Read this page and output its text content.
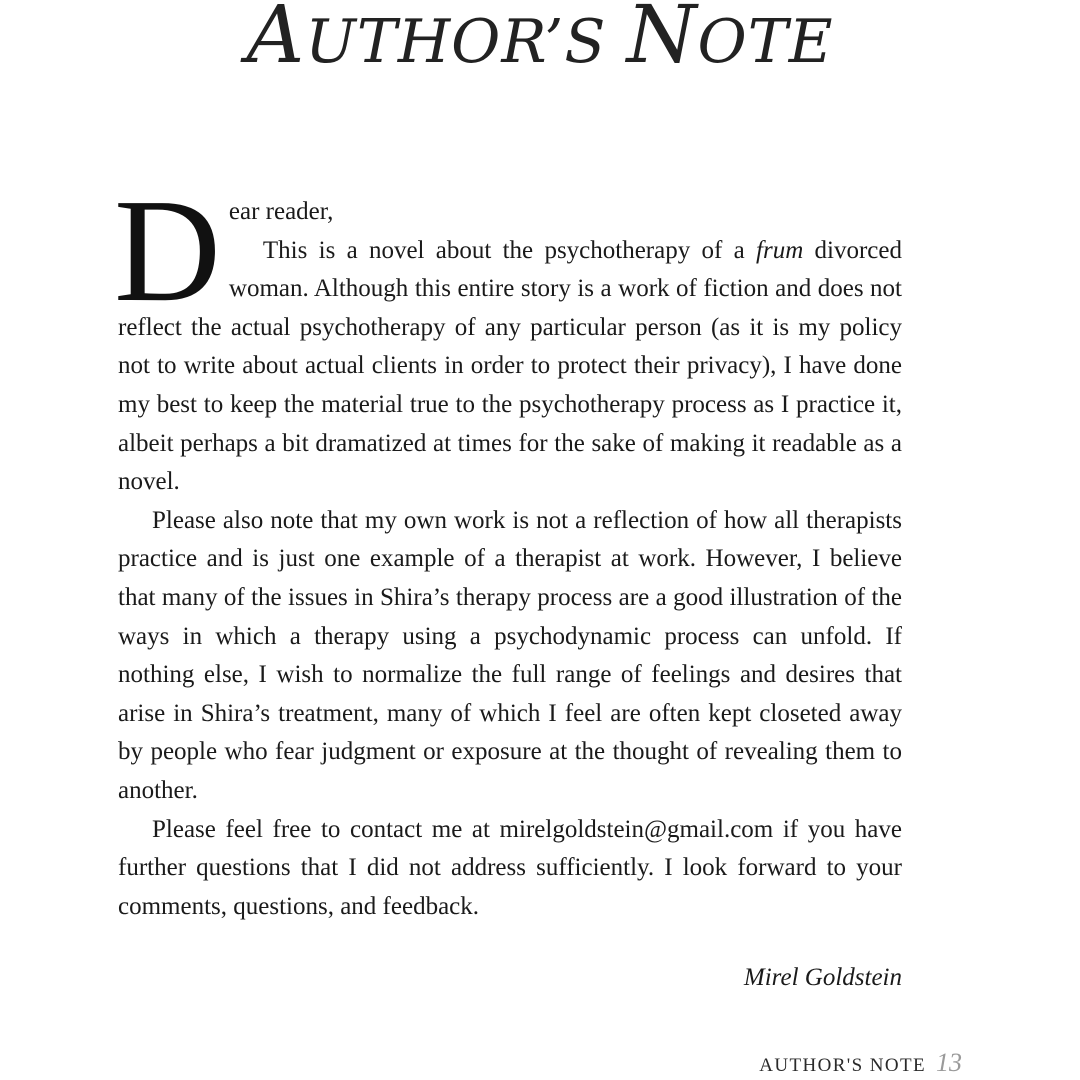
AUTHOR’S NOTE
D ear reader,

This is a novel about the psychotherapy of a frum divorced woman. Although this entire story is a work of fiction and does not reflect the actual psychotherapy of any particular person (as it is my policy not to write about actual clients in order to protect their privacy), I have done my best to keep the material true to the psychotherapy process as I practice it, albeit perhaps a bit dramatized at times for the sake of making it readable as a novel.

Please also note that my own work is not a reflection of how all therapists practice and is just one example of a therapist at work. However, I believe that many of the issues in Shira’s therapy process are a good illustration of the ways in which a therapy using a psychodynamic process can unfold. If nothing else, I wish to normalize the full range of feelings and desires that arise in Shira’s treatment, many of which I feel are often kept closeted away by people who fear judgment or exposure at the thought of revealing them to another.

Please feel free to contact me at mirelgoldstein@gmail.com if you have further questions that I did not address sufficiently. I look forward to your comments, questions, and feedback.

Mirel Goldstein
AUTHOR'S NOTE 13
